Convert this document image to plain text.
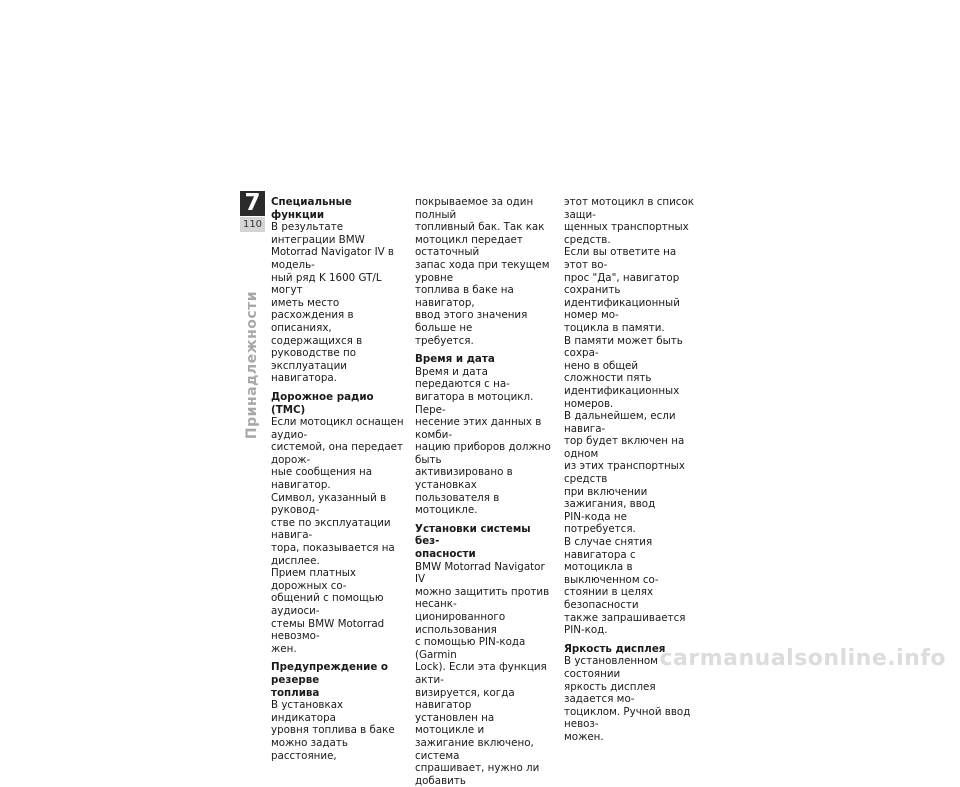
7
110
Принадлежности
Специальные функции
В результате интеграции BMW
Motorrad Navigator IV в модель-
ный ряд K 1600 GT/L могут
иметь место расхождения в
описаниях, содержащихся в
руководстве по эксплуатации
навигатора.
Дорожное радио (TMC)
Если мотоцикл оснащен аудио-
системой, она передает дорож-
ные сообщения на навигатор.
Символ, указанный в руковод-
стве по эксплуатации навига-
тора, показывается на дисплее.
Прием платных дорожных со-
общений с помощью аудиоси-
стемы BMW Motorrad невозмо-
жен.
Предупреждение о резерве
топлива
В установках индикатора
уровня топлива в баке
можно задать расстояние,
покрываемое за один полный
топливный бак. Так как
мотоцикл передает остаточный
запас хода при текущем уровне
топлива в баке на навигатор,
ввод этого значения больше не
требуется.
Время и дата
Время и дата передаются с на-
вигатора в мотоцикл. Пере-
несение этих данных в комби-
нацию приборов должно быть
активизировано в установках
пользователя в мотоцикле.
Установки системы без-
опасности
BMW Motorrad Navigator IV
можно защитить против несанк-
ционированного использования
с помощью PIN-кода (Garmin
Lock). Если эта функция акти-
визируется, когда навигатор
установлен на мотоцикле и
зажигание включено, система
спрашивает, нужно ли добавить
этот мотоцикл в список защи-
щенных транспортных средств.
Если вы ответите на этот во-
прос "Да", навигатор сохранить
идентификационный номер мо-
тоцикла в памяти.
В памяти может быть сохра-
нено в общей сложности пять
идентификационных номеров.
В дальнейшем, если навига-
тор будет включен на одном
из этих транспортных средств
при включении зажигания, ввод
PIN-кода не потребуется.
В случае снятия навигатора с
мотоцикла в выключенном со-
стоянии в целях безопасности
также запрашивается PIN-код.
Яркость дисплея
В установленном состоянии
яркость дисплея задается мо-
тоциклом. Ручной ввод невоз-
можен.
carmanualsonline.info
